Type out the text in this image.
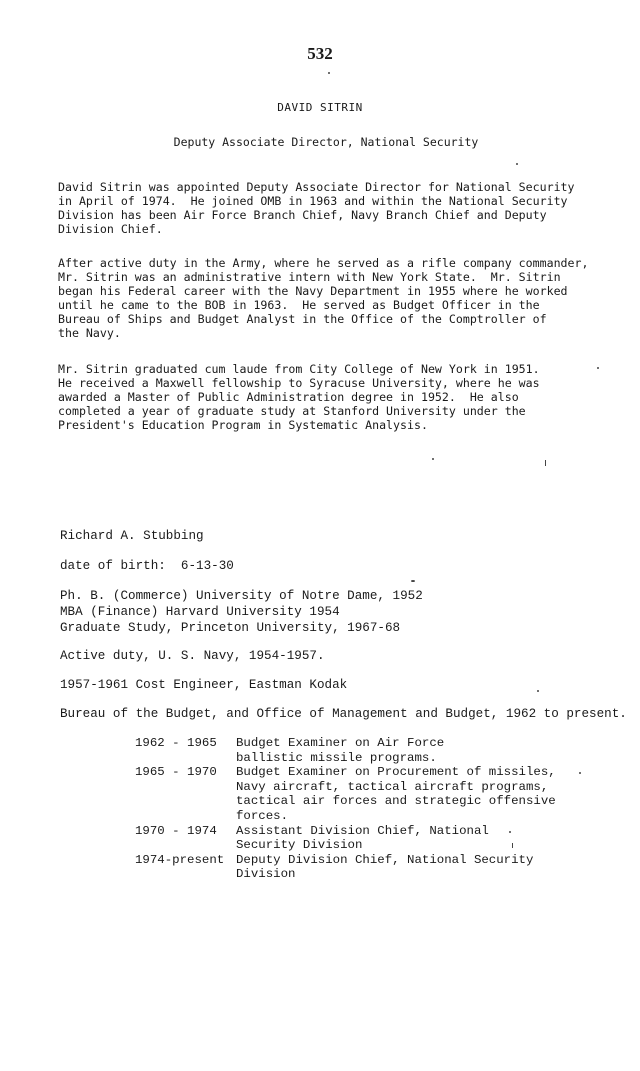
532
DAVID SITRIN
Deputy Associate Director, National Security

David Sitrin was appointed Deputy Associate Director for National Security
in April of 1974.  He joined OMB in 1963 and within the National Security
Division has been Air Force Branch Chief, Navy Branch Chief and Deputy
Division Chief.

After active duty in the Army, where he served as a rifle company commander,
Mr. Sitrin was an administrative intern with New York State.  Mr. Sitrin
began his Federal career with the Navy Department in 1955 where he worked
until he came to the BOB in 1963.  He served as Budget Officer in the
Bureau of Ships and Budget Analyst in the Office of the Comptroller of
the Navy.

Mr. Sitrin graduated cum laude from City College of New York in 1951.
He received a Maxwell fellowship to Syracuse University, where he was
awarded a Master of Public Administration degree in 1952.  He also
completed a year of graduate study at Stanford University under the
President's Education Program in Systematic Analysis.

Richard A. Stubbing

date of birth:  6-13-30

Ph. B. (Commerce) University of Notre Dame, 1952
MBA (Finance) Harvard University 1954
Graduate Study, Princeton University, 1967-68

Active duty, U. S. Navy, 1954-1957.

1957-1961 Cost Engineer, Eastman Kodak

Bureau of the Budget, and Office of Management and Budget, 1962 to present.

1962 - 1965	Budget Examiner on Air Force
ballistic missile programs.
1965 - 1970	Budget Examiner on Procurement of missiles,
Navy aircraft, tactical aircraft programs,
tactical air forces and strategic offensive
forces.
1970 - 1974	Assistant Division Chief, National
Security Division
1974-present Deputy Division Chief, National Security
Division
